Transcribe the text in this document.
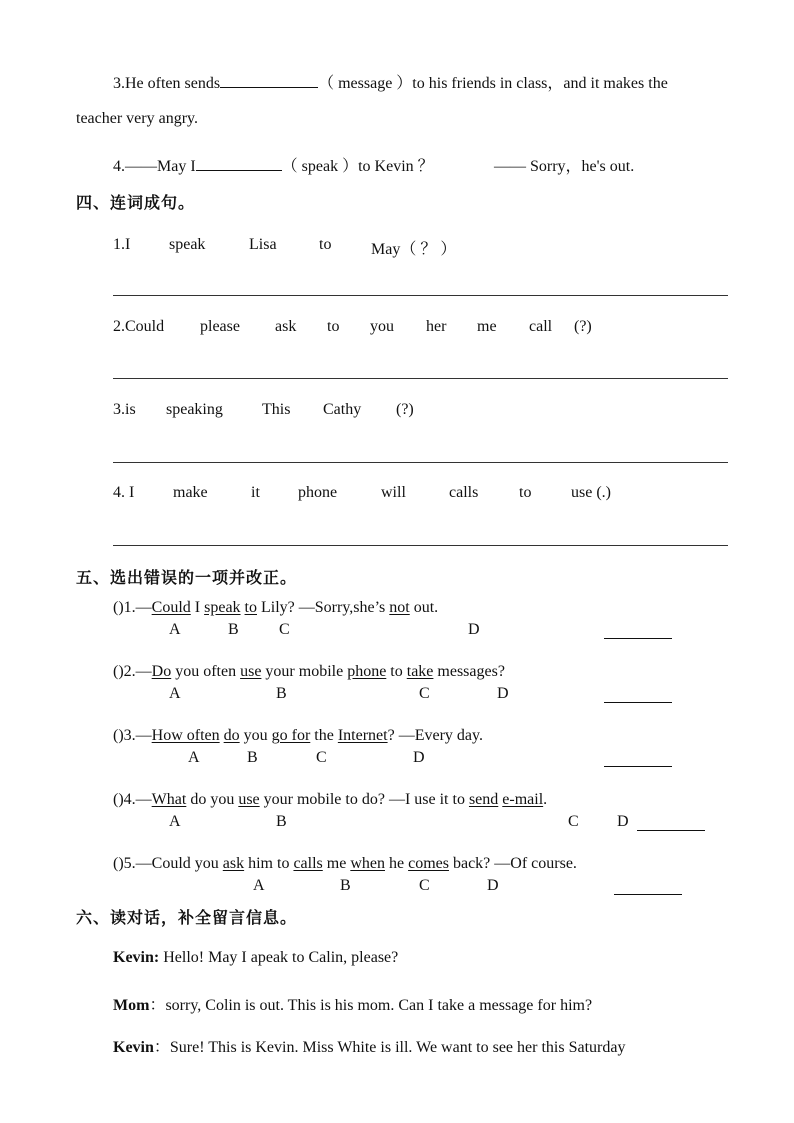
3.He often sends	（ message ）to his friends in class，and it makes the
teacher very angry.
4.——May I	（ speak ）to Kevin ？	—— Sorry，he's out.
四、连词成句。
1.I speak	Lisa	to May（ ？ ）
2.Could please ask to you her me call (?)
3.is speaking This Cathy (?)
4. I make	it phone	will	calls	to use (.)
五、选出错误的一项并改正。
()1.—Could I speak to Lily? —Sorry,she’s not out.
A	B	C	D
()2.—Do you often use your mobile phone to take messages?
A	B	C	D
()3.—How often do you go for the Internet? —Every day.
A	B	C	D
()4.—What do you use your mobile to do? —I use it to send e-mail.
A	B	C D
()5.—Could you ask him to calls me when he comes back? —Of course.
A	B	C	D
六、读对话，补全留言信息。
Kevin: Hello! May I apeak to Calin, please?
Mom：sorry, Colin is out. This is his mom. Can I take a message for him?
Kevin：Sure! This is Kevin. Miss White is ill. We want to see her this Saturday
